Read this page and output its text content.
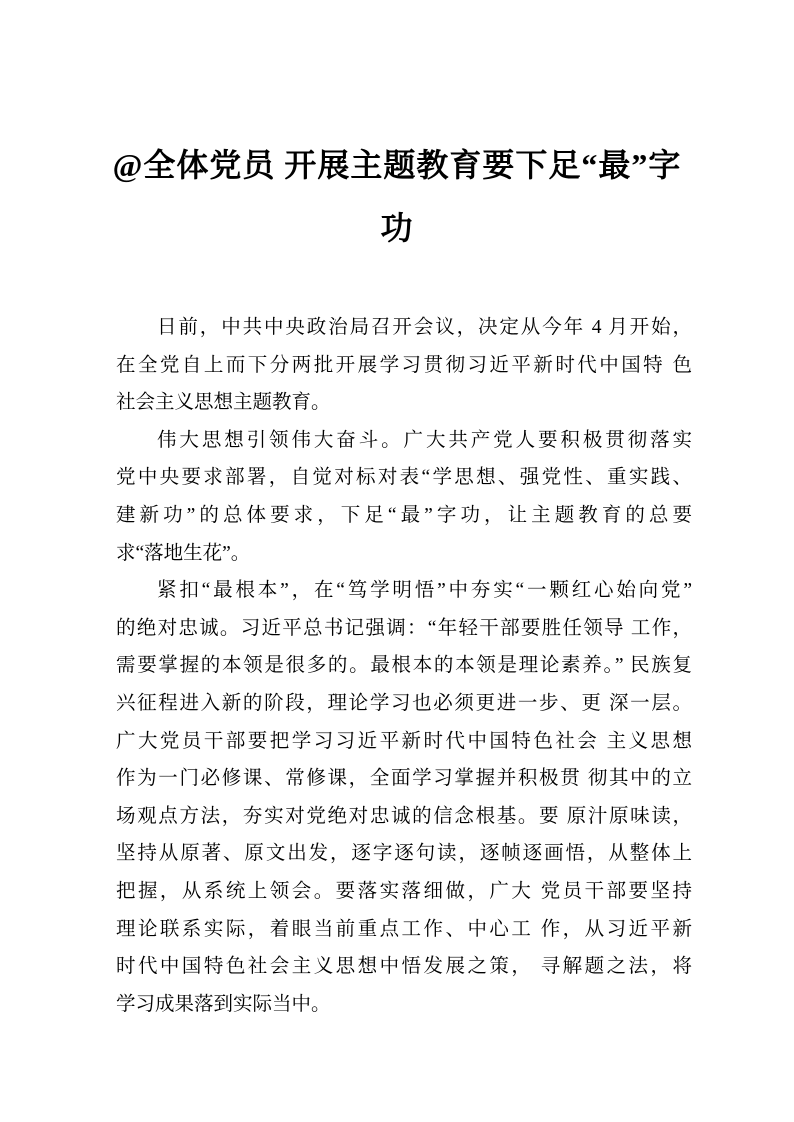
@全体党员 开展主题教育要下足“最”字
功
日前，中共中央政治局召开会议，决定从今年 4 月开始，
在全党自上而下分两批开展学习贯彻习近平新时代中国特 色
社会主义思想主题教育。
伟大思想引领伟大奋斗。广大共产党人要积极贯彻落实
党中央要求部署，自觉对标对表“学思想、强党性、重实践、
建新功”的总体要求，下足“最”字功，让主题教育的总要
求“落地生花”。
紧扣“最根本”，在“笃学明悟”中夯实“一颗红心始向党”
的绝对忠诚。习近平总书记强调：“年轻干部要胜任领导 工作，
需要掌握的本领是很多的。最根本的本领是理论素养。” 民族复
兴征程进入新的阶段，理论学习也必须更进一步、更 深一层。
广大党员干部要把学习习近平新时代中国特色社会 主义思想
作为一门必修课、常修课，全面学习掌握并积极贯 彻其中的立
场观点方法，夯实对党绝对忠诚的信念根基。要 原汁原味读，
坚持从原著、原文出发，逐字逐句读，逐帧逐画悟，从整体上
把握，从系统上领会。要落实落细做，广大 党员干部要坚持
理论联系实际，着眼当前重点工作、中心工 作，从习近平新
时代中国特色社会主义思想中悟发展之策， 寻解题之法，将
学习成果落到实际当中。
